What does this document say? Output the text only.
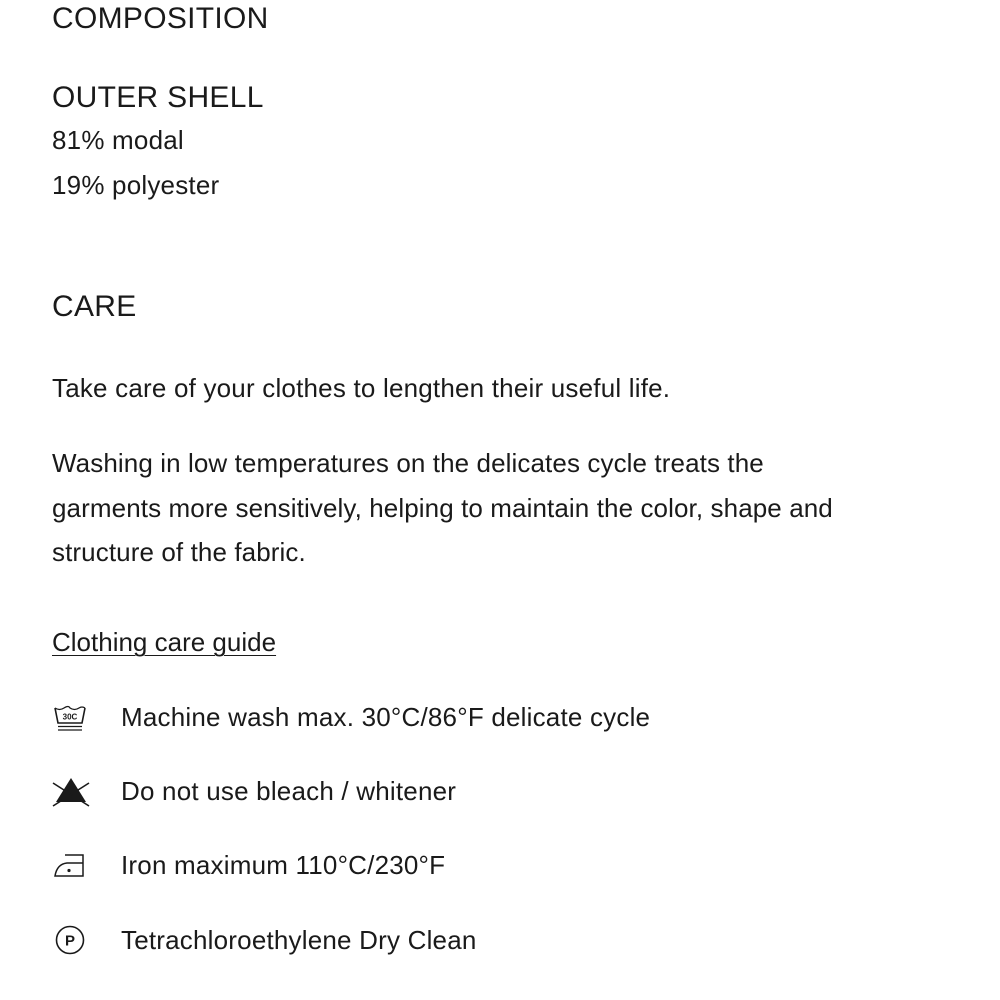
COMPOSITION
OUTER SHELL
81% modal
19% polyester
CARE
Take care of your clothes to lengthen their useful life.
Washing in low temperatures on the delicates cycle treats the
garments more sensitively, helping to maintain the color, shape and
structure of the fabric.
Clothing care guide
30C Machine wash max. 30°C/86°F delicate cycle
Do not use bleach / whitener
Iron maximum 110°C/230°F
P Tetrachloroethylene Dry Clean
